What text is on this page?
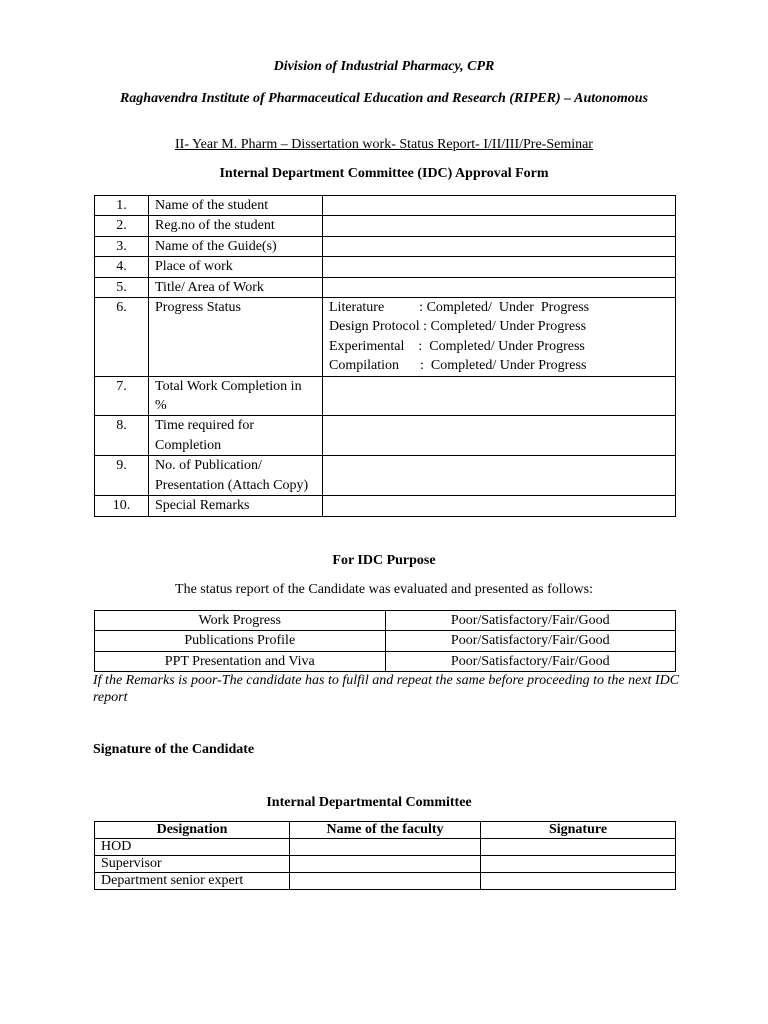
Division of Industrial Pharmacy, CPR
Raghavendra Institute of Pharmaceutical Education and Research (RIPER) – Autonomous
II- Year M. Pharm – Dissertation work- Status Report- I/II/III/Pre-Seminar
Internal Department Committee (IDC) Approval Form
1.	Name of the student	
2.	Reg.no of the student	
3.	Name of the Guide(s)	
4.	Place of work	
5.	Title/ Area of Work	
6.	Progress Status	Literature          : Completed/  Under  Progress
Design Protocol : Completed/ Under Progress
Experimental    :  Completed/ Under Progress
Compilation      :  Completed/ Under Progress

7.	Total Work Completion in %	
8.	Time required for Completion	
9.	No. of Publication/ Presentation (Attach Copy)	
10.	Special Remarks	
For IDC Purpose
The status report of the Candidate was evaluated and presented as follows:
Work Progress	Poor/Satisfactory/Fair/Good
Publications Profile	Poor/Satisfactory/Fair/Good
PPT Presentation and Viva	Poor/Satisfactory/Fair/Good
If the Remarks is poor-The candidate has to fulfil and repeat the same before proceeding to the next IDC report
Signature of the Candidate
Internal Departmental Committee
Designation	Name of the faculty	Signature
HOD		
Supervisor		
Department senior expert		
